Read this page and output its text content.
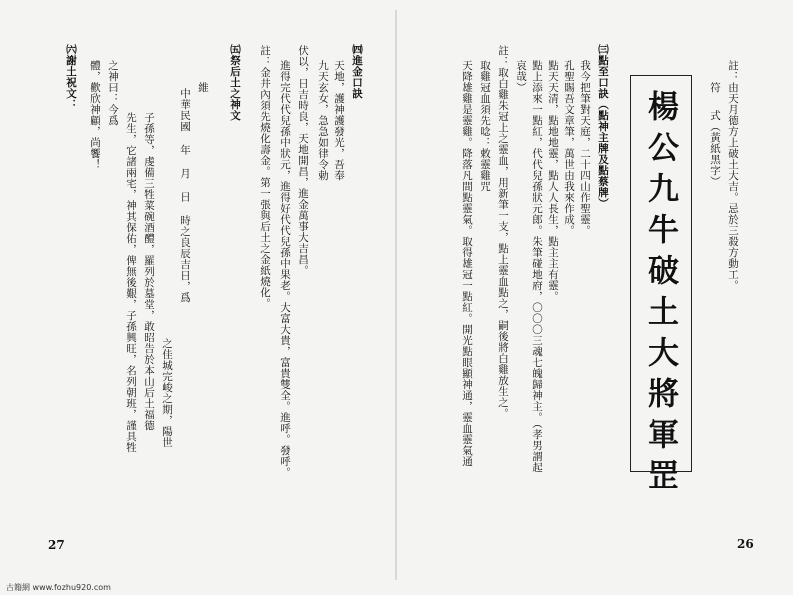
註：由天月德方上破土大吉。忌於三殺方動工。
符
式（黃紙黑字）
楊公九牛破土大將軍罡
㈢點至口訣（點神主牌及點蔡牌）
我今把筆對天庭，二十四山作聖靈。
孔聖賜吾文章筆，萬世由我來作成。
點天天清，點地地靈，點人人長生，點主主有靈。
點上添來一點紅，代代兒孫狀元郎。朱筆碰地府，〇〇〇三魂七魄歸神主。（孝男謂起
哀哉）
註：取白雞朱冠上之靈血，用新筆一支，點上靈血點之，嗣後將白雞放生之。
取雞冠血須先唸：敕靈雞咒
天降雄雞是靈雞。降落凡間點靈氣。取得雄冠一點紅。開光點眼顯神通，靈血靈氣通
26
㈣進金口訣
天地，護神護發光，吾奉
九天玄女，急急如律令勅
伏以，日吉時良，天地開昌，進金萬事大吉昌。
進得完代代兒孫中狀元，進得好代代兒孫中果老。大富大貴，富貴雙全。進呼。發呼。
註：金井內須先燒化壽金。第一張與后土之金紙燒化。
㈤祭后土之神文
維
中華民國 年 月 日 時之良辰吉日，爲
之佳城完峻之期，陽世
子孫等，虔備三牲菜碗酒醴，羅列於墓堂，敢昭告於本山后土福德
先生，它諸兩宅，神其保佑，俾無後艱，子孫興旺，名列朝班，謹具牲
之神曰：今爲
體，歡欣神顧，尚饗！
㈥謝土祝文：
27
古籍網 www.fozhu920.com
